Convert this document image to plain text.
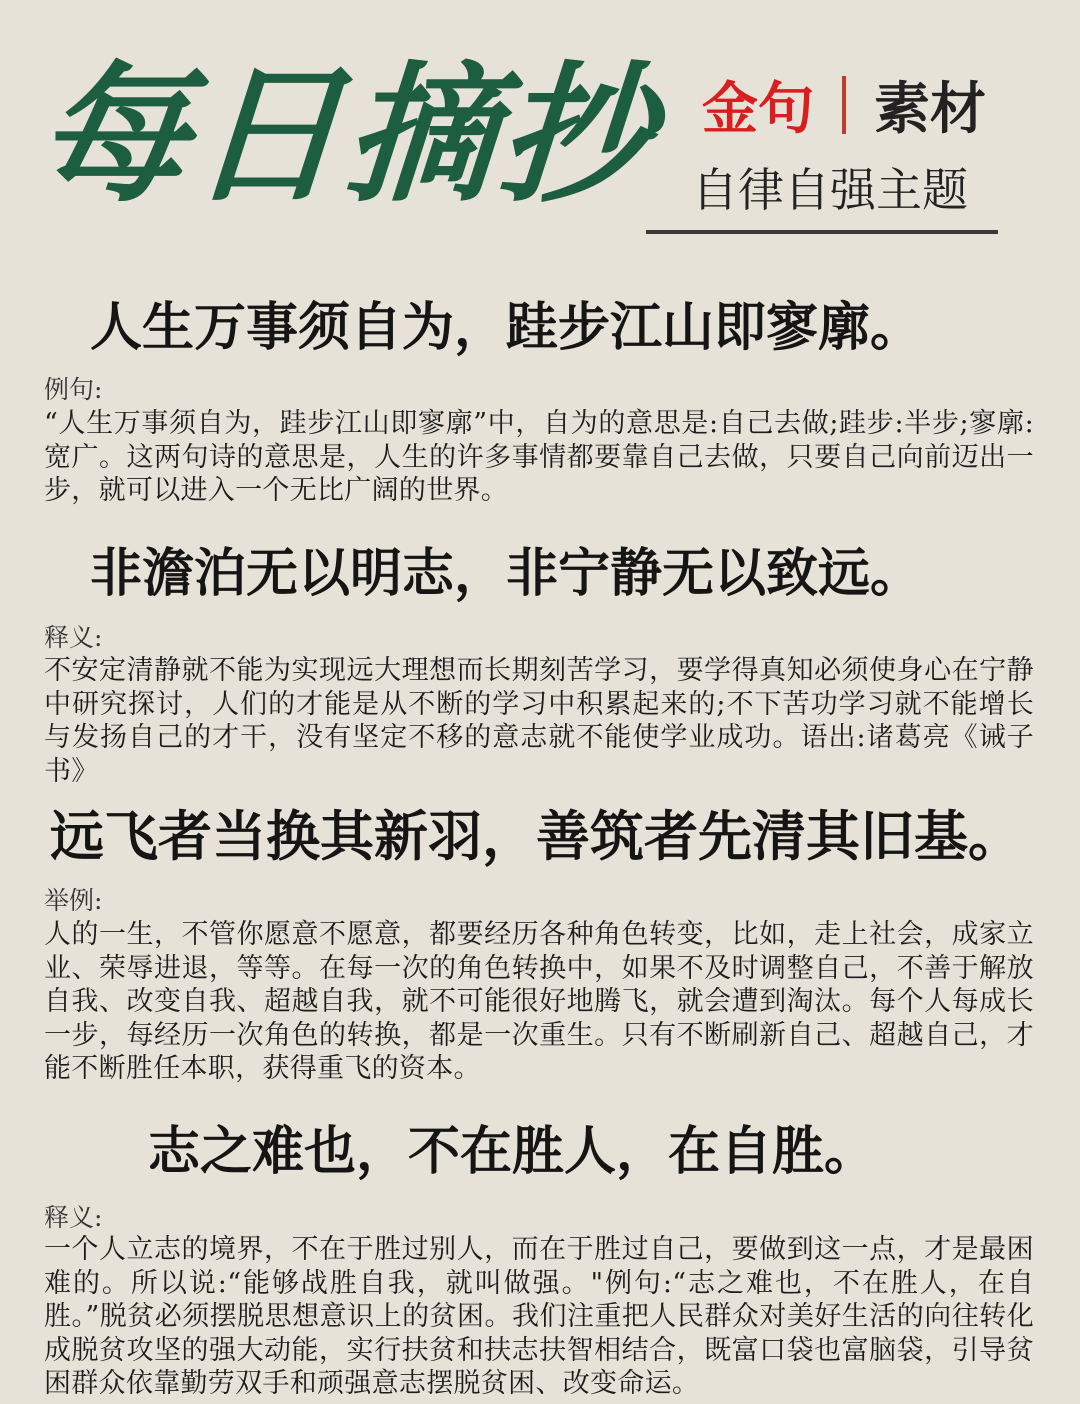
每日摘抄 金句 素材
自律自强主题
人生万事须自为，跬步江山即寥廓。
例句:
“人生万事须自为，跬步江山即寥廓”中，自为的意思是:自己去做;跬步:半步;寥廓:宽广。这两句诗的意思是，人生的许多事情都要靠自己去做，只要自己向前迈出一步，就可以进入一个无比广阔的世界。
非澹泊无以明志，非宁静无以致远。
释义:
不安定清静就不能为实现远大理想而长期刻苦学习，要学得真知必须使身心在宁静中研究探讨，人们的才能是从不断的学习中积累起来的;不下苦功学习就不能增长与发扬自己的才干，没有坚定不移的意志就不能使学业成功。语出:诸葛亮《诫子书》
远飞者当换其新羽，善筑者先清其旧基。
举例:
人的一生，不管你愿意不愿意，都要经历各种角色转变，比如，走上社会，成家立业、荣辱进退，等等。在每一次的角色转换中，如果不及时调整自己，不善于解放自我、改变自我、超越自我，就不可能很好地腾飞，就会遭到淘汰。每个人每成长一步，每经历一次角色的转换，都是一次重生。只有不断刷新自己、超越自己，才能不断胜任本职，获得重飞的资本。
志之难也，不在胜人，在自胜。
释义:
一个人立志的境界，不在于胜过别人，而在于胜过自己，要做到这一点，才是最困难的。所以说:“能够战胜自我，就叫做强。"例句:“志之难也，不在胜人，在自胜。”脱贫必须摆脱思想意识上的贫困。我们注重把人民群众对美好生活的向往转化成脱贫攻坚的强大动能，实行扶贫和扶志扶智相结合，既富口袋也富脑袋，引导贫困群众依靠勤劳双手和顽强意志摆脱贫困、改变命运。
